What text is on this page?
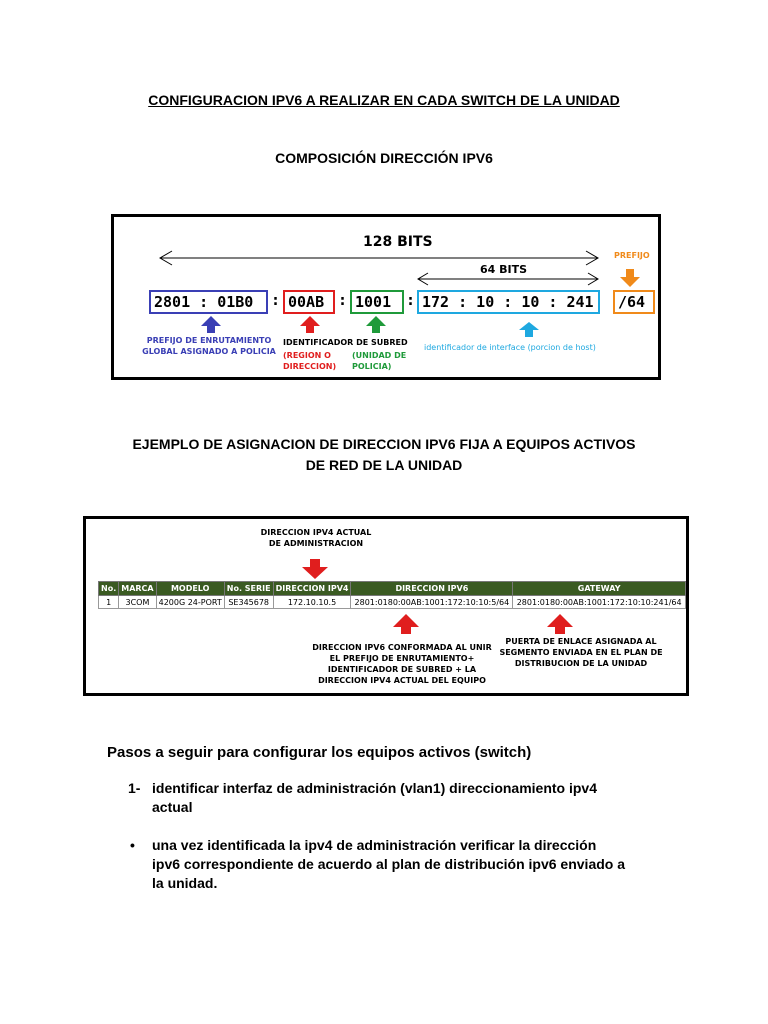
CONFIGURACION IPV6 A REALIZAR EN CADA SWITCH DE LA UNIDAD
COMPOSICIÓN DIRECCIÓN IPV6
128 BITS
64 BITS
PREFIJO
2801 : 01B0	: 00AB : 1001 : 172 : 10 : 10 : 241	/64
PREFIJO DE ENRUTAMIENTO
GLOBAL ASIGNADO A POLICIA
IDENTIFICADOR DE SUBRED
(REGION O
DIRECCION)
(UNIDAD DE
POLICIA)
identificador de interface (porcion de host)
EJEMPLO DE ASIGNACION DE DIRECCION IPV6 FIJA A EQUIPOS ACTIVOS
DE RED DE LA UNIDAD
DIRECCION IPV4 ACTUAL
DE ADMINISTRACION
No.	MARCA	MODELO	No. SERIE	DIRECCION IPV4	DIRECCION IPV6	GATEWAY
1	3COM	4200G 24-PORT	SE345678	172.10.10.5	2801:0180:00AB:1001:172:10:10:5/64	2801:0180:00AB:1001:172:10:10:241/64
DIRECCION IPV6 CONFORMADA AL UNIR
EL PREFIJO DE ENRUTAMIENTO+
IDENTIFICADOR DE SUBRED + LA
DIRECCION IPV4 ACTUAL DEL EQUIPO
PUERTA DE ENLACE ASIGNADA AL
SEGMENTO ENVIADA EN EL PLAN DE
DISTRIBUCION DE LA UNIDAD
Pasos a seguir para configurar los equipos activos (switch)
1- identificar interfaz de administración (vlan1) direccionamiento ipv4
actual
• una vez identificada la ipv4 de administración verificar la dirección
ipv6 correspondiente de acuerdo al plan de distribución ipv6 enviado a
la unidad.
